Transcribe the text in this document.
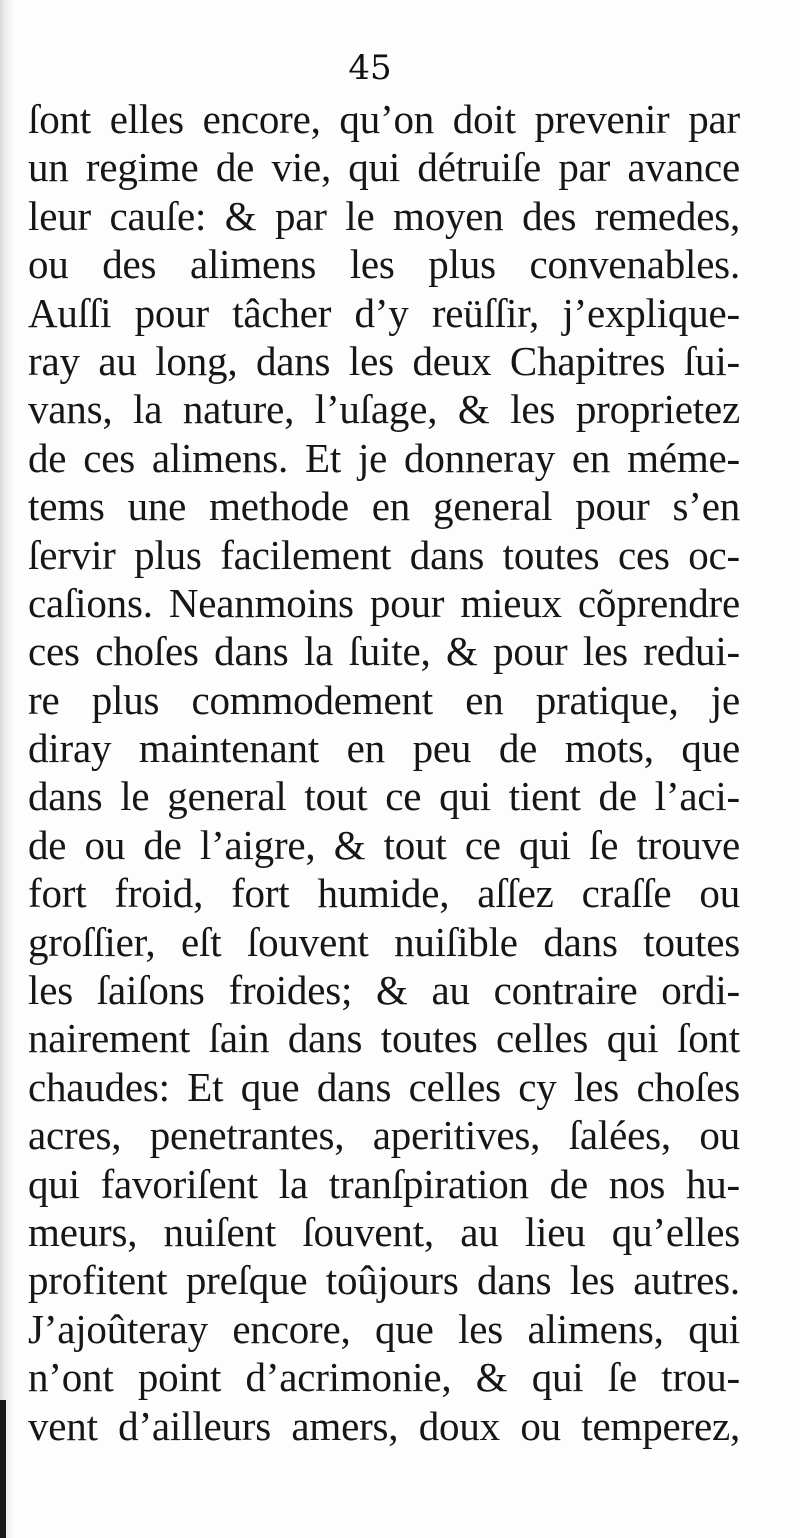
45
ſont elles encore, qu’on doit prevenir par
un regime de vie, qui détruiſe par avance
leur cauſe: & par le moyen des remedes,
ou des alimens les plus convenables.
Auſſi pour tâcher d’y reüſſir, j’explique-
ray au long, dans les deux Chapitres ſui-
vans, la nature, l’uſage, & les proprietez
de ces alimens. Et je donneray en méme-
tems une methode en general pour s’en
ſervir plus facilement dans toutes ces oc-
caſions. Neanmoins pour mieux cõprendre
ces choſes dans la ſuite, & pour les redui-
re plus commodement en pratique, je
diray maintenant en peu de mots, que
dans le general tout ce qui tient de l’aci-
de ou de l’aigre, & tout ce qui ſe trouve
fort froid, fort humide, aſſez craſſe ou
groſſier, eſt ſouvent nuiſible dans toutes
les ſaiſons froides; & au contraire ordi-
nairement ſain dans toutes celles qui ſont
chaudes: Et que dans celles cy les choſes
acres, penetrantes, aperitives, ſalées, ou
qui favoriſent la tranſpiration de nos hu-
meurs, nuiſent ſouvent, au lieu qu’elles
profitent preſque toûjours dans les autres.
J’ajoûteray encore, que les alimens, qui
n’ont point d’acrimonie, & qui ſe trou-
vent d’ailleurs amers, doux ou temperez,
